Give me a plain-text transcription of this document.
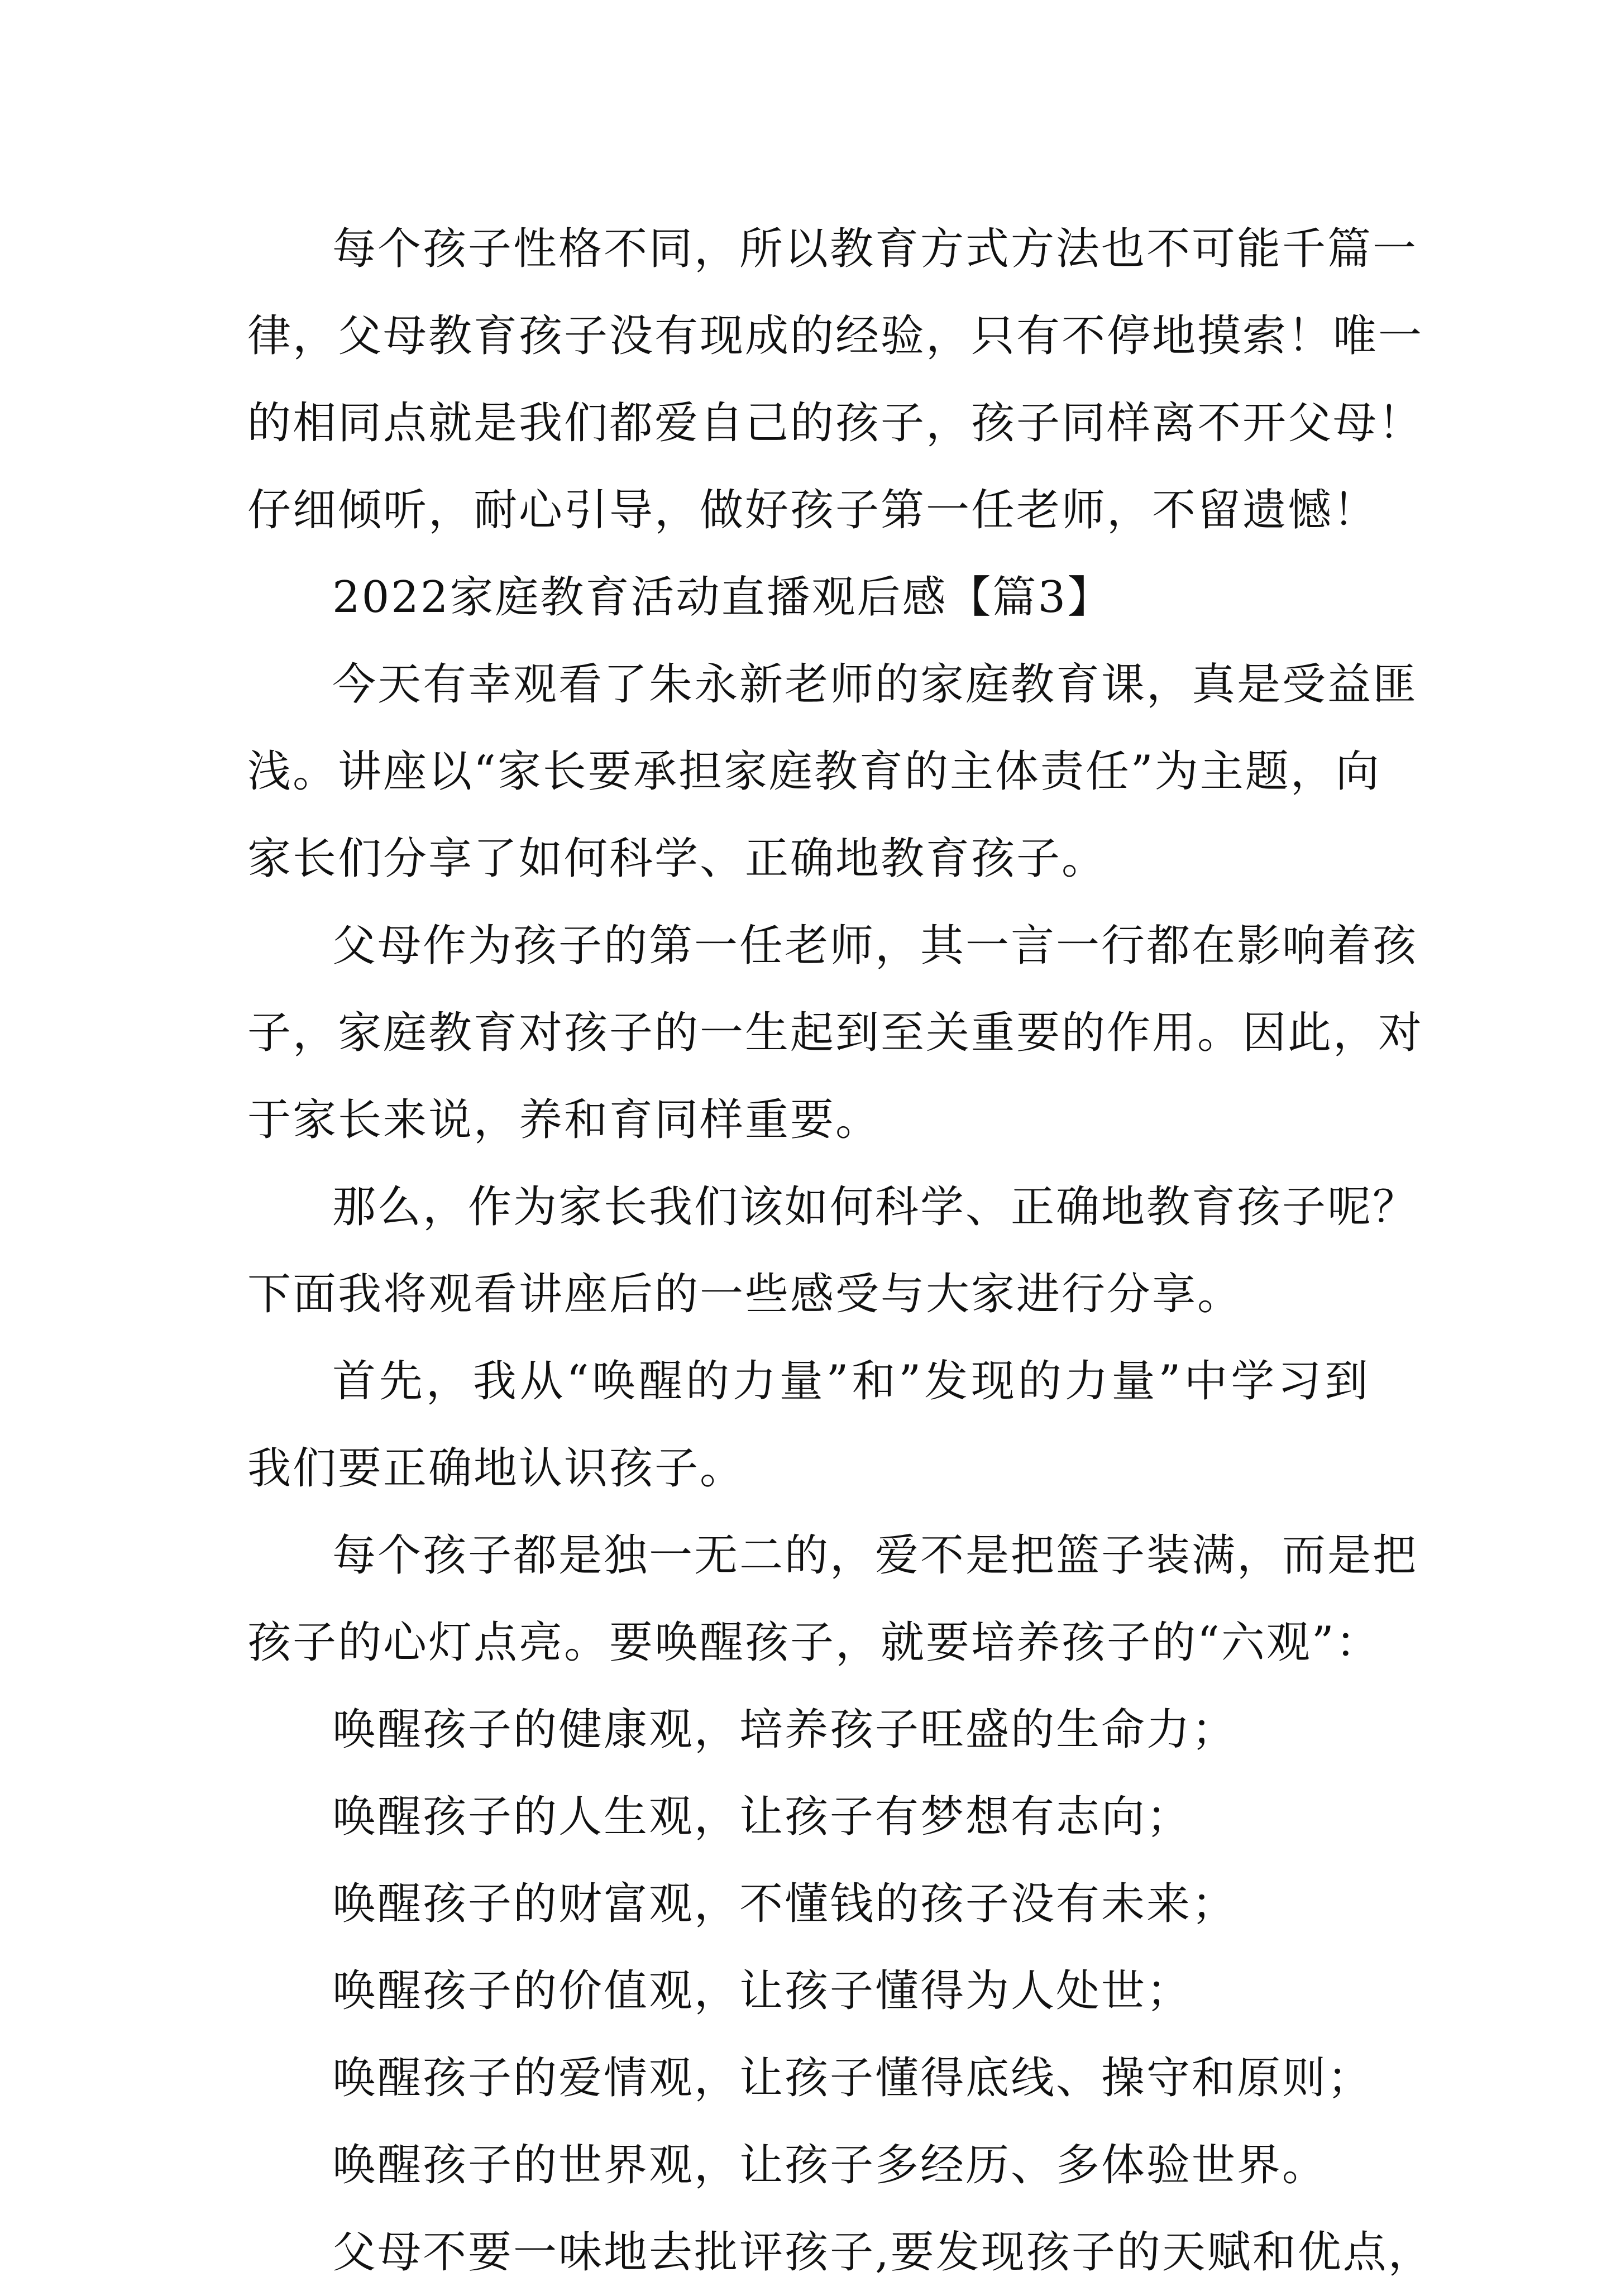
每个孩子性格不同，所以教育方式方法也不可能千篇一
律，父母教育孩子没有现成的经验，只有不停地摸索！唯一
的相同点就是我们都爱自己的孩子，孩子同样离不开父母！
仔细倾听，耐心引导，做好孩子第一任老师，不留遗憾！
2022家庭教育活动直播观后感【篇3】
今天有幸观看了朱永新老师的家庭教育课，真是受益匪
浅。讲座以“家长要承担家庭教育的主体责任”为主题，向
家长们分享了如何科学、正确地教育孩子。
父母作为孩子的第一任老师，其一言一行都在影响着孩
子，家庭教育对孩子的一生起到至关重要的作用。因此，对
于家长来说，养和育同样重要。
那么，作为家长我们该如何科学、正确地教育孩子呢？
下面我将观看讲座后的一些感受与大家进行分享。
首先，我从“唤醒的力量”和”发现的力量”中学习到
我们要正确地认识孩子。
每个孩子都是独一无二的，爱不是把篮子装满，而是把
孩子的心灯点亮。要唤醒孩子，就要培养孩子的“六观”：
唤醒孩子的健康观，培养孩子旺盛的生命力；
唤醒孩子的人生观，让孩子有梦想有志向；
唤醒孩子的财富观，不懂钱的孩子没有未来；
唤醒孩子的价值观，让孩子懂得为人处世；
唤醒孩子的爱情观，让孩子懂得底线、操守和原则；
唤醒孩子的世界观，让孩子多经历、多体验世界。
父母不要一味地去批评孩子,要发现孩子的天赋和优点，
